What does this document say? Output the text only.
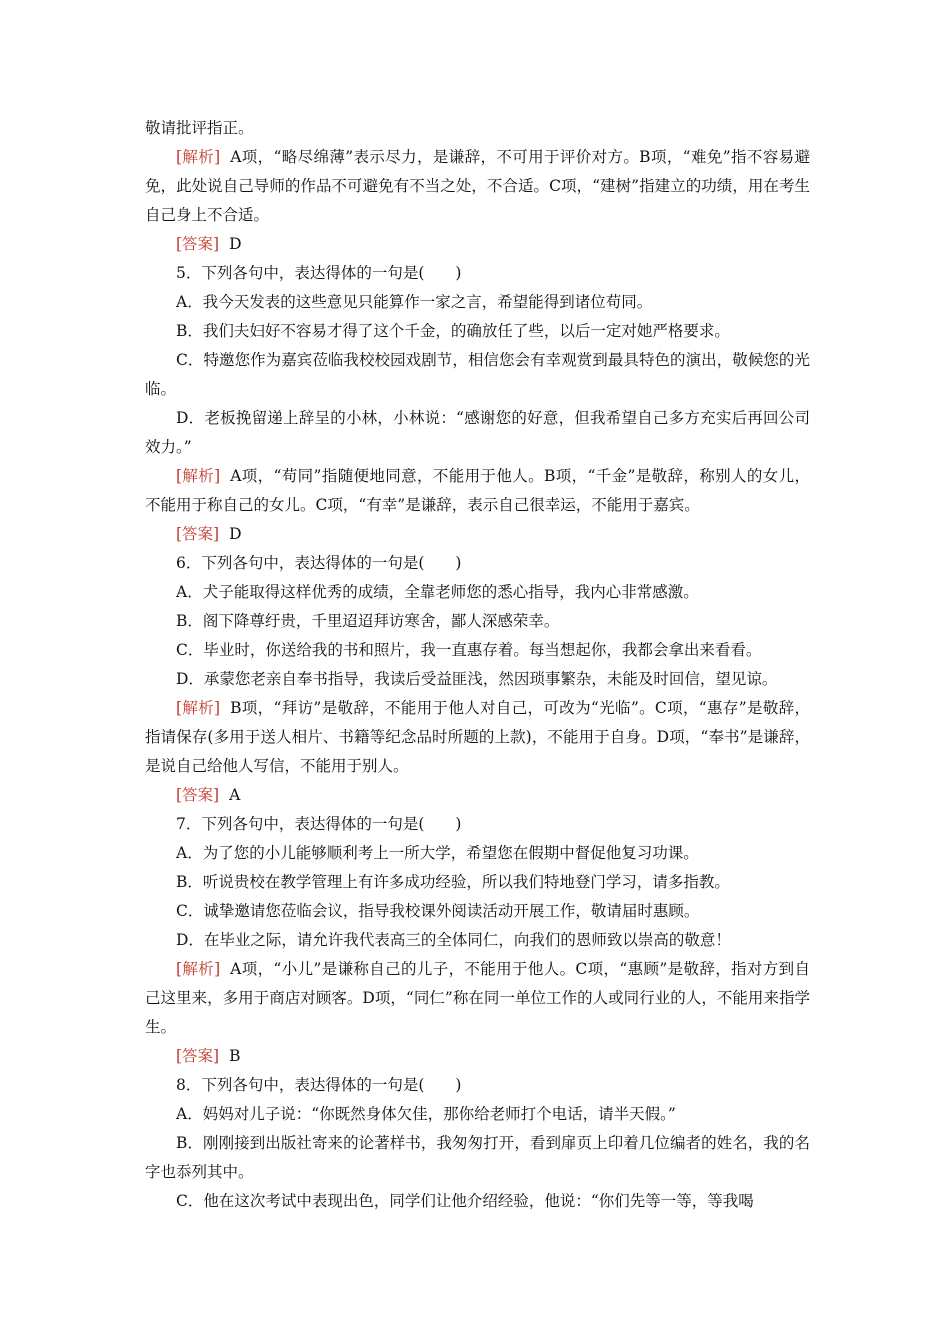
敬请批评指正。

[解析] A项，“略尽绵薄”表示尽力，是谦辞，不可用于评价对方。B项，“难免”指不容易避免，此处说自己导师的作品不可避免有不当之处，不合适。C项，“建树”指建立的功绩，用在考生自己身上不合适。

[答案] D

5．下列各句中，表达得体的一句是(　　)

A．我今天发表的这些意见只能算作一家之言，希望能得到诸位苟同。

B．我们夫妇好不容易才得了这个千金，的确放任了些，以后一定对她严格要求。

C．特邀您作为嘉宾莅临我校校园戏剧节，相信您会有幸观赏到最具特色的演出，敬候您的光临。

D．老板挽留递上辞呈的小林，小林说：“感谢您的好意，但我希望自己多方充实后再回公司效力。”

[解析] A项，“苟同”指随便地同意，不能用于他人。B项，“千金”是敬辞，称别人的女儿，不能用于称自己的女儿。C项，“有幸”是谦辞，表示自己很幸运，不能用于嘉宾。

[答案] D

6．下列各句中，表达得体的一句是(　　)

A．犬子能取得这样优秀的成绩，全靠老师您的悉心指导，我内心非常感激。

B．阁下降尊纡贵，千里迢迢拜访寒舍，鄙人深感荣幸。

C．毕业时，你送给我的书和照片，我一直惠存着。每当想起你，我都会拿出来看看。

D．承蒙您老亲自奉书指导，我读后受益匪浅，然因琐事繁杂，未能及时回信，望见谅。

[解析] B项，“拜访”是敬辞，不能用于他人对自己，可改为“光临”。C项，“惠存”是敬辞，指请保存(多用于送人相片、书籍等纪念品时所题的上款)，不能用于自身。D项，“奉书”是谦辞，是说自己给他人写信，不能用于别人。

[答案] A

7．下列各句中，表达得体的一句是(　　)

A．为了您的小儿能够顺利考上一所大学，希望您在假期中督促他复习功课。

B．听说贵校在教学管理上有许多成功经验，所以我们特地登门学习，请多指教。

C．诚挚邀请您莅临会议，指导我校课外阅读活动开展工作，敬请届时惠顾。

D．在毕业之际，请允许我代表高三的全体同仁，向我们的恩师致以崇高的敬意！

[解析] A项，“小儿”是谦称自己的儿子，不能用于他人。C项，“惠顾”是敬辞，指对方到自己这里来，多用于商店对顾客。D项，“同仁”称在同一单位工作的人或同行业的人，不能用来指学生。

[答案] B

8．下列各句中，表达得体的一句是(　　)

A．妈妈对儿子说：“你既然身体欠佳，那你给老师打个电话，请半天假。”

B．刚刚接到出版社寄来的论著样书，我匆匆打开，看到扉页上印着几位编者的姓名，我的名字也忝列其中。

C．他在这次考试中表现出色，同学们让他介绍经验，他说：“你们先等一等，等我喝
